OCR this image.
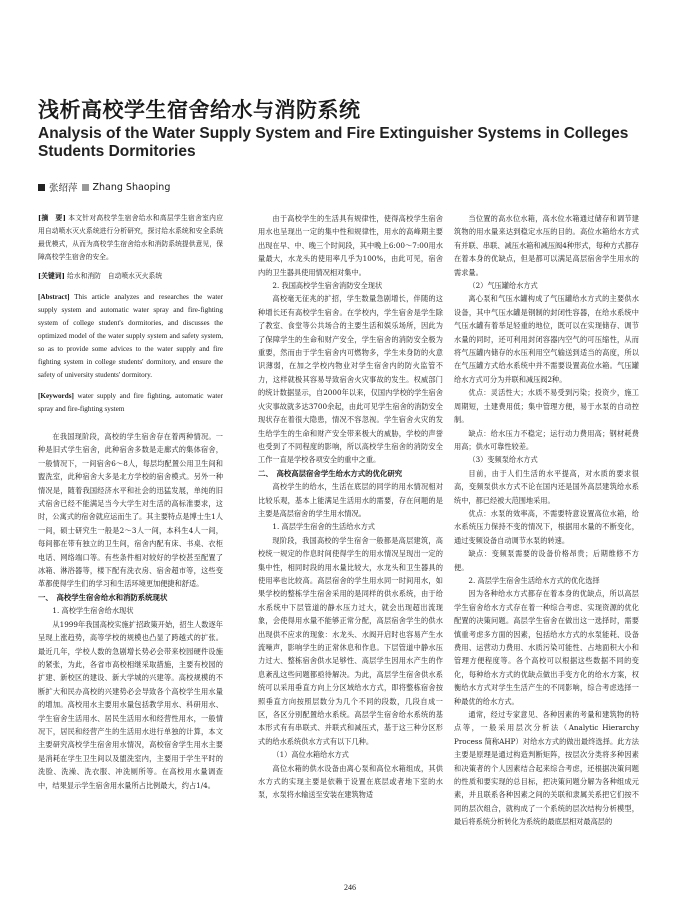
浅析高校学生宿舍给水与消防系统
Analysis of the Water Supply System and Fire Extinguisher Systems in Colleges Students Dormitories
张绍萍 Zhang Shaoping

[摘　要] 本文针对高校学生宿舍给水和高层学生宿舍室内应用自动喷水灭火系统进行分析研究，探讨给水系统和安全系统最优模式，从而为高校学生宿舍给水和消防系统提供意见，保障高校学生宿舍的安全。

[关键词] 给水和消防　自动喷水灭火系统

[Abstract] This article analyzes and researches the water supply system and automatic water spray and fire-fighting system of college student's dormitories, and discusses the optimized model of the water supply system and safety system, so as to provide some advices to the water supply and fire fighting system in college students' dormitory, and ensure the safety of university students' dormitory.

[Keywords] water supply and fire fighting, automatic water spray and fire-fighting system

在我国现阶段，高校的学生宿舍存在着两种情况。一种是旧式学生宿舍，此种宿舍多数是走廊式的集体宿舍，一般情况下，一间宿舍6～8人，每层均配置公用卫生间和盥洗室，此种宿舍大多是北方学校的宿舍模式。另外一种情况是，随着我国经济水平和社会的迅猛发展，单纯的旧式宿舍已经不能满足当今大学生对生活的高标准要求，这时，公寓式的宿舍就应运而生了。其主要特点是博士生1人一间，硕士研究生一般是2～3人一间，本科生4人一间，每间都在带有独立的卫生间，宿舍内配有床、书桌、衣柜电话、网络端口等。有些条件相对较好的学校甚至配置了冰箱、淋浴器等，楼下配有洗衣房、宿舍超市等，这些变革都使得学生们的学习和生活环境更加便捷和舒适。

一、　高校学生宿舍给水和消防系统现状

1. 高校学生宿舍给水现状

从1999年我国高校实施扩招政策开始，招生人数逐年呈现上涨趋势，高等学校的规模也凸显了跨越式的扩张。最近几年，学校人数的急剧增长势必会带来校园硬件设施的紧张，为此，各省市高校相继采取措施，主要有校园的扩建、新校区的建设、新大学城的兴建等。高校规模的不断扩大和民办高校的兴建势必会导致各个高校学生用水量的增加。高校用水主要用水量包括教学用水、科研用水、学生宿舍生活用水、居民生活用水和经营性用水，一般情况下，居民和经营产生的生活用水进行单独的计算，本文主要研究高校学生宿舍用水情况，高校宿舍学生用水主要是消耗在学生卫生间以及盥洗室内，主要用于学生平时的洗脸、洗澡、洗衣服、冲洗厕所等。在高校用水量调查中，结果显示学生宿舍用水量所占比例最大，约占1/4。

由于高校学生的生活具有规律性，使得高校学生宿舍用水也呈现出一定的集中性和规律性，用水的高峰期主要出现在早、中、晚三个时间段，其中晚上6:00～7:00用水量最大，水龙头的使用率几乎为100%，由此可见，宿舍内的卫生器具使用情况相对集中。

2. 我国高校学生宿舍消防安全现状

高校毫无征兆的扩招，学生数量急剧增长，伴随的这种增长还有高校学生宿舍。在学校内，学生宿舍是学生除了教室、食堂等公共场合的主要生活和娱乐场所，因此为了保障学生的生命和财产安全，学生宿舍的消防安全极为重要，然而由于学生宿舍内可燃物多，学生未身防的火意识薄弱，在加之学校内物业对学生宿舍内的防火监管不力，这样就极其容易导致宿舍火灾事故的发生。权威部门的统计数据显示，自2000年以来，仅国内学校的学生宿舍火灾事故就多达3700余起，由此可见学生宿舍的消防安全现状存在着很大隐患，情况不容忽视。学生宿舍火灾的发生给学生的生命和财产安全带来极大的威胁，学校的声誉也受到了不同程度的影响，所以高校学生宿舍的消防安全工作一直是学校各项安全的重中之重。

二、　高校高层宿舍学生给水方式的优化研究

高校学生的给水，生活在底层的同学的用水情况相对比较乐观，基本上能满足生活用水的需要，存在问题的是主要是高层宿舍的学生用水情况。

1. 高层学生宿舍的生活给水方式

现阶段，我国高校的学生宿舍一般都是高层建筑，高校统一规定的作息时间使得学生的用水情况呈现出一定的集中性，相同时段的用水量比较大，水龙头和卫生器具的使用率也比较高。高层宿舍的学生用水同一时间用水，如果学校的整栋学生宿舍采用的是同样的供水系统，由于给水系统中下层管道的静水压力过大，就会出现超出流现象，会使得用水量不能够正常分配，高层宿舍学生的供水出现供不应求的现象：水龙头、水阀开启时也容易产生水流噪声，影响学生的正常休息和作息。下层管道中静水压力过大、整栋宿舍供水足够性、高层学生因用水产生的作息紊乱这些问题都亟待解决。为此，高层学生宿舍供水系统可以采用垂直方向上分区域给水方式，即将整栋宿舍按照垂直方向按照层数分为几个不同的段数，几段自成一区，各区分别配置给水系统。高层学生宿舍给水系统的基本形式有有串联式、并联式和减压式，基于这三种分区形式的给水系统供水方式有以下几种。

（1）高位水箱给水方式

高位水箱的供水设备由离心泵和高位水箱组成，其供水方式的实现主要是依赖于设置在底层或者地下室的水泵，水泵将水输送至安装在建筑物适

当位置的高水位水箱，高水位水箱通过储存和调节建筑物的用水量来达到稳定水压的目的。高位水箱给水方式有并联、串联、减压水箱和减压阀4种形式，每种方式都存在着本身的优缺点，但是都可以满足高层宿舍学生用水的需求量。

（2）气压罐给水方式

离心泵和气压水罐构成了气压罐给水方式的主要供水设备，其中气压水罐是钢制的封闭性容器，在给水系统中气压水罐有着举足轻重的地位，既可以在实现储存、调节水量的同时，还可利用封闭容器内空气的可压缩性，从而将气压罐内储存的水压利用空气输送到适当的高度，所以在气压罐方式给水系统中并不需要设置高位水箱。气压罐给水方式可分为并联和减压阀2种。

优点：灵活性大；水质不易受到污染；投资少，施工周期短，土建费用低；集中管理方便，易于水泵的自动控制。

缺点：给水压力不稳定；运行动力费用高；钢材耗费用高；供水可靠性较差。

（3）变频泵给水方式

目前，由于人们生活的水平提高，对水质的要求很高，变频泵供水方式不论在国内还是国外高层建筑给水系统中，都已经被大范围地采用。

优点：水泵的效率高，不需要特意设置高位水箱，给水系统压力保持不变的情况下，根据用水量的不断变化，通过变频设备自动调节水泵的转速。

缺点：变频泵需要的设备价格昂贵；后期维修不方便。

2. 高层学生宿舍生活给水方式的优化选择

因为各种给水方式都存在着本身的优缺点，所以高层学生宿舍给水方式存在着一种综合考虑、实现资源的优化配置的决策问题。高层学生宿舍在做出这一选择时，需要慎重考虑多方面的因素，包括给水方式的水泵能耗、设备费用、运营动力费用、水质污染可能性、占地面积大小和管理方便程度等。各个高校可以根据这些数据不同的变化，每种给水方式的优缺点做出手变方化的给水方案，权衡给水方式对学生生活产生的不同影响，综合考虑选择一种最优的给水方式。

通常，经过专家意见、各种因素的考量和建筑物的特点等，一般采用层次分析法（Analytic Hierarchy Process 简称AHP）对给水方式的做出最终选择。此方法主要是原理是通过构造判断矩阵，按层次分类将多种因素和决策者的个人因素结合起来综合考虑，还根据决策问题的性质和要实现的总目标，把决策问题分解为各种组成元素，并且联系各种因素之间的关联和隶属关系把它们按不同的层次组合，就构成了一个系统的层次结构分析模型，最后将系统分析转化为系统的最底层相对最高层的

246
